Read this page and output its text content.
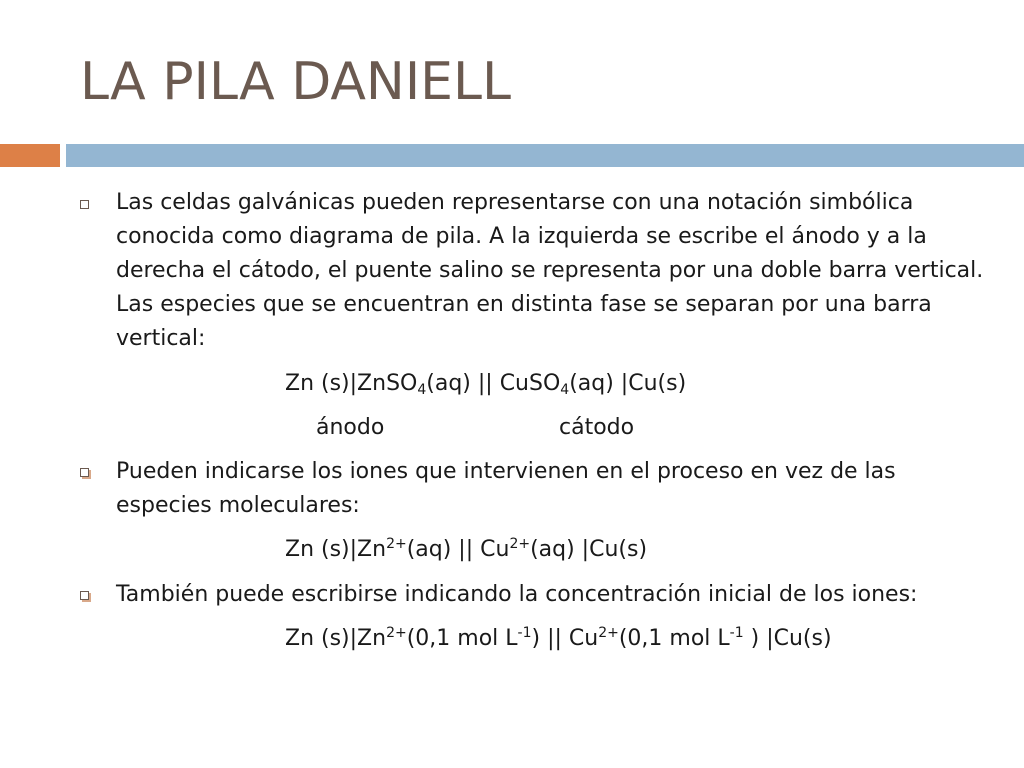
LA PILA DANIELL
Las celdas galvánicas pueden representarse con una notación simbólica conocida como diagrama de pila. A la izquierda se escribe el ánodo y a la derecha el cátodo, el puente salino se representa por una doble barra vertical. Las especies que se encuentran en distinta fase se separan por una barra vertical:
Zn (s)|ZnSO$_4$(aq) || CuSO$_4$(aq) |Cu(s)
ánodo	cátodo
Pueden indicarse los iones que intervienen en el proceso en vez de las especies moleculares:
Zn $(s)|Zn^{2+}(aq)$ || $Cu^{2+}(aq)$ |Cu(s)
También puede escribirse indicando la concentración inicial de los iones:
Zn $(s)|Zn^{2+}(0,1$ mol $L^{-1}$) || $Cu^{2+}(0,1$ mol $L^{-1}$ ) |Cu(s)
